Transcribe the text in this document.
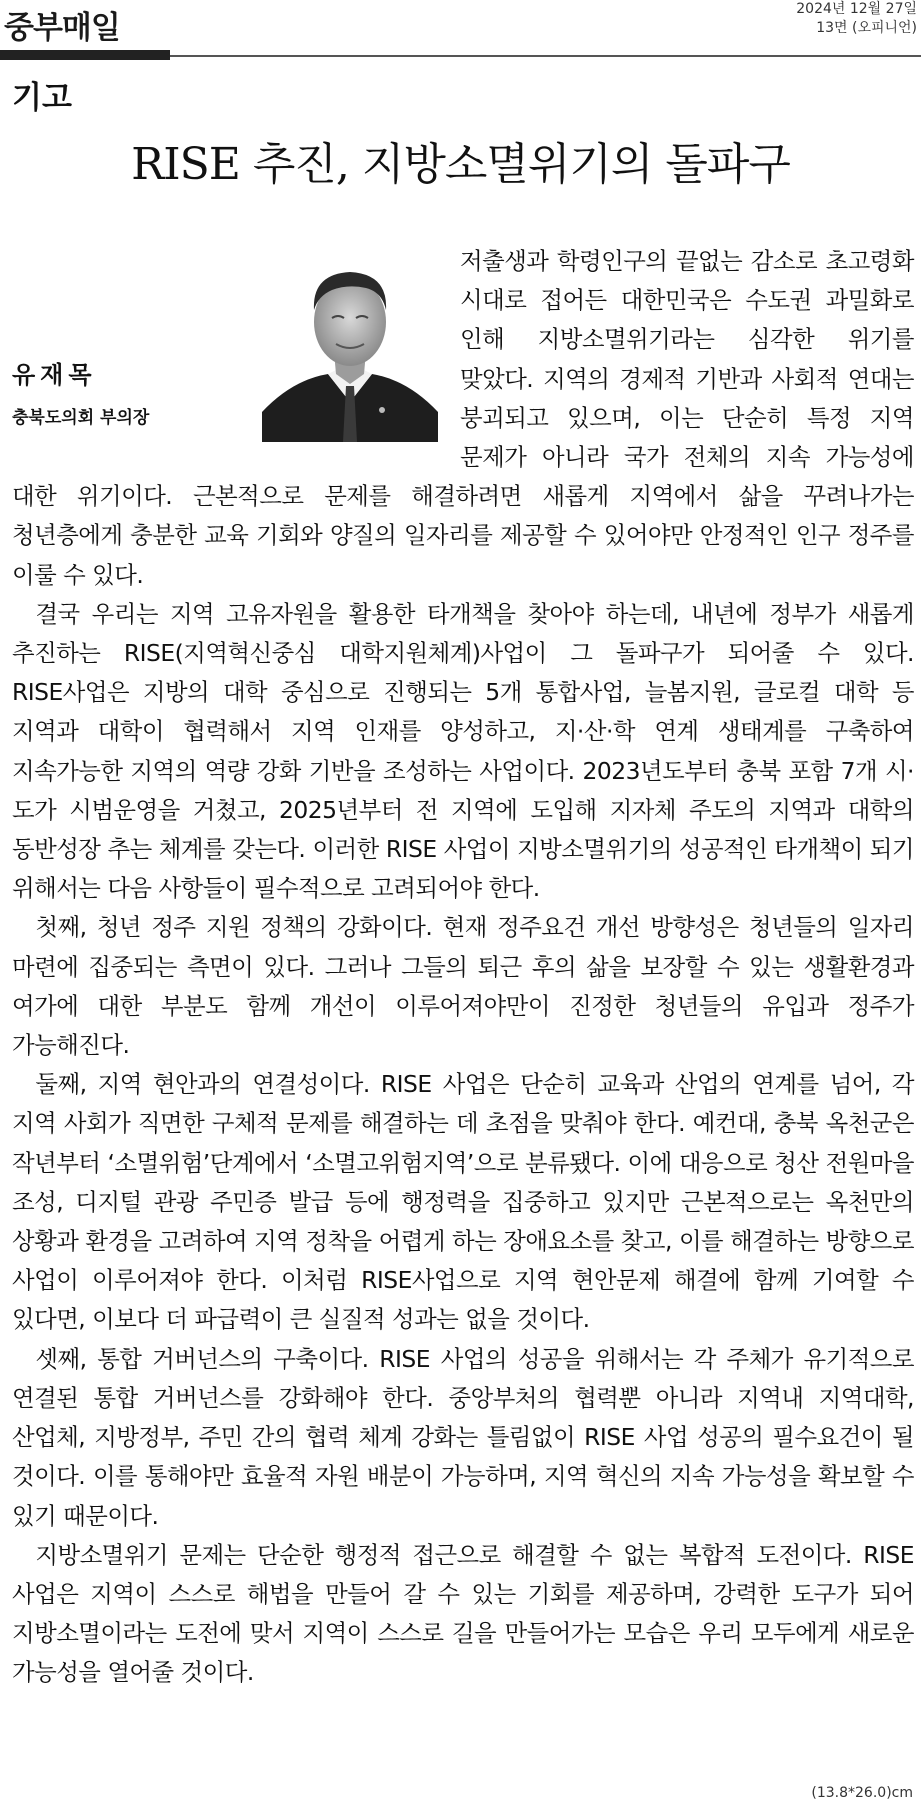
중부매일
2024년 12월 27일
13면 (오피니언)
기고
RISE 추진, 지방소멸위기의 돌파구
유재목
충북도의회 부의장

저출생과 학령인구의 끝없는 감소로 초고령화 시대로 접어든 대한민국은 수도권 과밀화로 인해 지방소멸위기라는 심각한 위기를 맞았다. 지역의 경제적 기반과 사회적 연대는 붕괴되고 있으며, 이는 단순히 특정 지역 문제가 아니라 국가 전체의 지속 가능성에 대한 위기이다. 근본적으로 문제를 해결하려면 새롭게 지역에서 삶을 꾸려나가는 청년층에게 충분한 교육 기회와 양질의 일자리를 제공할 수 있어야만 안정적인 인구 정주를 이룰 수 있다.

결국 우리는 지역 고유자원을 활용한 타개책을 찾아야 하는데, 내년에 정부가 새롭게 추진하는 RISE(지역혁신중심 대학지원체계)사업이 그 돌파구가 되어줄 수 있다. RISE사업은 지방의 대학 중심으로 진행되는 5개 통합사업, 늘봄지원, 글로컬 대학 등 지역과 대학이 협력해서 지역 인재를 양성하고, 지·산·학 연계 생태계를 구축하여 지속가능한 지역의 역량 강화 기반을 조성하는 사업이다. 2023년도부터 충북 포함 7개 시·도가 시범운영을 거쳤고, 2025년부터 전 지역에 도입해 지자체 주도의 지역과 대학의 동반성장 추는 체계를 갖는다. 이러한 RISE 사업이 지방소멸위기의 성공적인 타개책이 되기 위해서는 다음 사항들이 필수적으로 고려되어야 한다.

첫째, 청년 정주 지원 정책의 강화이다. 현재 정주요건 개선 방향성은 청년들의 일자리 마련에 집중되는 측면이 있다. 그러나 그들의 퇴근 후의 삶을 보장할 수 있는 생활환경과 여가에 대한 부분도 함께 개선이 이루어져야만이 진정한 청년들의 유입과 정주가 가능해진다.

둘째, 지역 현안과의 연결성이다. RISE 사업은 단순히 교육과 산업의 연계를 넘어, 각 지역 사회가 직면한 구체적 문제를 해결하는 데 초점을 맞춰야 한다. 예컨대, 충북 옥천군은 작년부터 ‘소멸위험’단계에서 ‘소멸고위험지역’으로 분류됐다. 이에 대응으로 청산 전원마을 조성, 디지털 관광 주민증 발급 등에 행정력을 집중하고 있지만 근본적으로는 옥천만의 상황과 환경을 고려하여 지역 정착을 어렵게 하는 장애요소를 찾고, 이를 해결하는 방향으로 사업이 이루어져야 한다. 이처럼 RISE사업으로 지역 현안문제 해결에 함께 기여할 수 있다면, 이보다 더 파급력이 큰 실질적 성과는 없을 것이다.

셋째, 통합 거버넌스의 구축이다. RISE 사업의 성공을 위해서는 각 주체가 유기적으로 연결된 통합 거버넌스를 강화해야 한다. 중앙부처의 협력뿐 아니라 지역내 지역대학, 산업체, 지방정부, 주민 간의 협력 체계 강화는 틀림없이 RISE 사업 성공의 필수요건이 될 것이다. 이를 통해야만 효율적 자원 배분이 가능하며, 지역 혁신의 지속 가능성을 확보할 수 있기 때문이다.

지방소멸위기 문제는 단순한 행정적 접근으로 해결할 수 없는 복합적 도전이다. RISE 사업은 지역이 스스로 해법을 만들어 갈 수 있는 기회를 제공하며, 강력한 도구가 되어 지방소멸이라는 도전에 맞서 지역이 스스로 길을 만들어가는 모습은 우리 모두에게 새로운 가능성을 열어줄 것이다.

(13.8*26.0)cm
